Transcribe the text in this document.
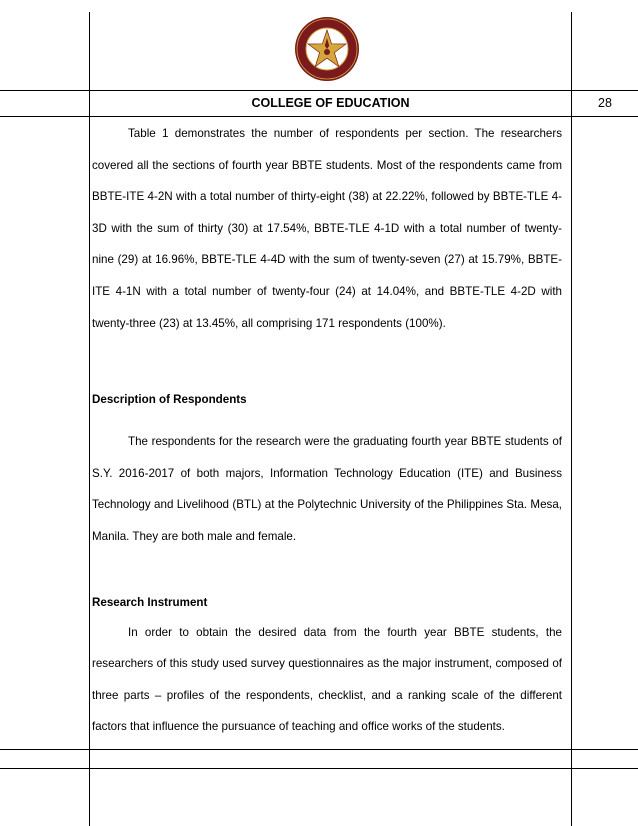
COLLEGE OF EDUCATION	28

Table 1 demonstrates the number of respondents per section. The researchers covered all the sections of fourth year BBTE students. Most of the respondents came from BBTE-ITE 4-2N with a total number of thirty-eight (38) at 22.22%, followed by BBTE-TLE 4-3D with the sum of thirty (30) at 17.54%, BBTE-TLE 4-1D with a total number of twenty-nine (29) at 16.96%, BBTE-TLE 4-4D with the sum of twenty-seven (27) at 15.79%, BBTE-ITE 4-1N with a total number of twenty-four (24) at 14.04%, and BBTE-TLE 4-2D with twenty-three (23) at 13.45%, all comprising 171 respondents (100%).

Description of Respondents

The respondents for the research were the graduating fourth year BBTE students of S.Y. 2016-2017 of both majors, Information Technology Education (ITE) and Business Technology and Livelihood (BTL) at the Polytechnic University of the Philippines Sta. Mesa, Manila. They are both male and female.

Research Instrument

In order to obtain the desired data from the fourth year BBTE students, the researchers of this study used survey questionnaires as the major instrument, composed of three parts – profiles of the respondents, checklist, and a ranking scale of the different factors that influence the pursuance of teaching and office works of the students.
